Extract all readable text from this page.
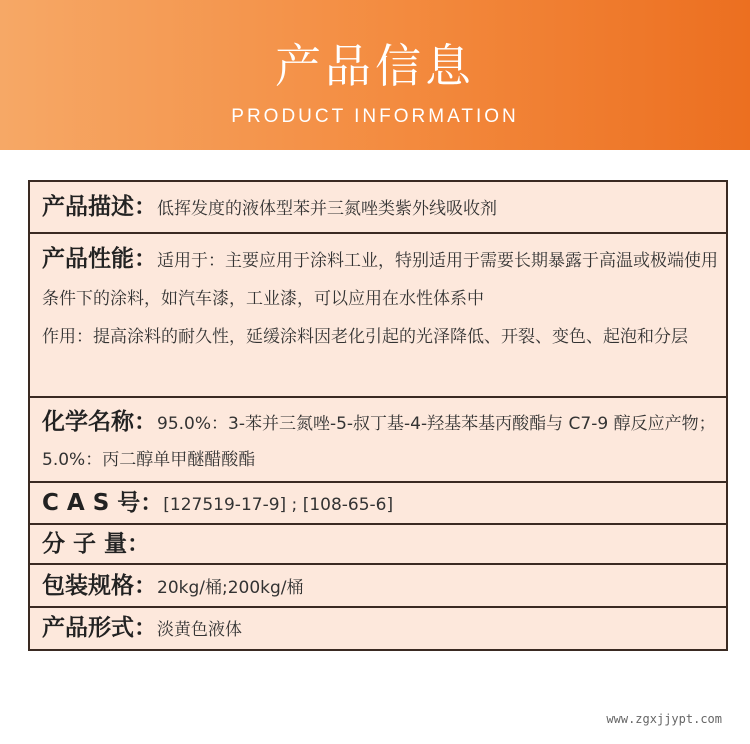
产品信息
PRODUCT INFORMATION
产品描述：低挥发度的液体型苯并三氮唑类紫外线吸收剂
产品性能：适用于：主要应用于涂料工业，特别适用于需要长期暴露于高温或极端使用条件下的涂料，如汽车漆，工业漆，可以应用在水性体系中
作用：提高涂料的耐久性，延缓涂料因老化引起的光泽降低、开裂、变色、起泡和分层
化学名称：95.0%：3-苯并三氮唑-5-叔丁基-4-羟基苯基丙酸酯与 C7-9 醇反应产物； 5.0%：丙二醇单甲醚醋酸酯
C A S 号：[127519-17-9] ; [108-65-6]
分 子 量：
包装规格：20kg/桶;200kg/桶
产品形式：淡黄色液体
www.zgxjjypt.com
